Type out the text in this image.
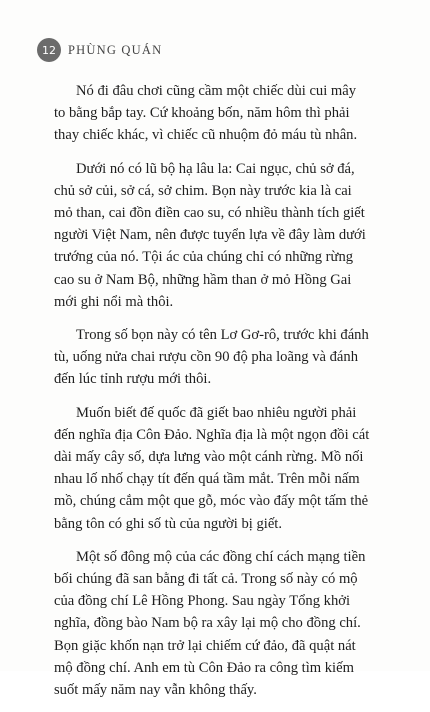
12 PHÙNG QUÁN

Nó đi đâu chơi cũng cầm một chiếc dùi cui mây
to bằng bắp tay. Cứ khoảng bốn, năm hôm thì phải
thay chiếc khác, vì chiếc cũ nhuộm đỏ máu tù nhân.

Dưới nó có lũ bộ hạ lâu la: Cai ngục, chủ sở đá,
chủ sở củi, sở cá, sở chim. Bọn này trước kia là cai
mỏ than, cai đồn điền cao su, có nhiều thành tích giết
người Việt Nam, nên được tuyển lựa về đây làm dưới
trướng của nó. Tội ác của chúng chỉ có những rừng
cao su ở Nam Bộ, những hầm than ở mỏ Hồng Gai
mới ghi nổi mà thôi.

Trong số bọn này có tên Lơ Gơ-rô, trước khi đánh
tù, uống nửa chai rượu cồn 90 độ pha loãng và đánh
đến lúc tỉnh rượu mới thôi.

Muốn biết đế quốc đã giết bao nhiêu người phải
đến nghĩa địa Côn Đảo. Nghĩa địa là một ngọn đồi cát
dài mấy cây số, dựa lưng vào một cánh rừng. Mồ nối
nhau lố nhố chạy tít đến quá tầm mắt. Trên mỗi nấm
mồ, chúng cắm một que gỗ, móc vào đấy một tấm thẻ
bằng tôn có ghi số tù của người bị giết.

Một số đông mộ của các đồng chí cách mạng tiền
bối chúng đã san bằng đi tất cả. Trong số này có mộ
của đồng chí Lê Hồng Phong. Sau ngày Tổng khởi
nghĩa, đồng bào Nam bộ ra xây lại mộ cho đồng chí.
Bọn giặc khốn nạn trở lại chiếm cứ đảo, đã quật nát
mộ đồng chí. Anh em tù Côn Đảo ra công tìm kiếm
suốt mấy năm nay vẫn không thấy.
